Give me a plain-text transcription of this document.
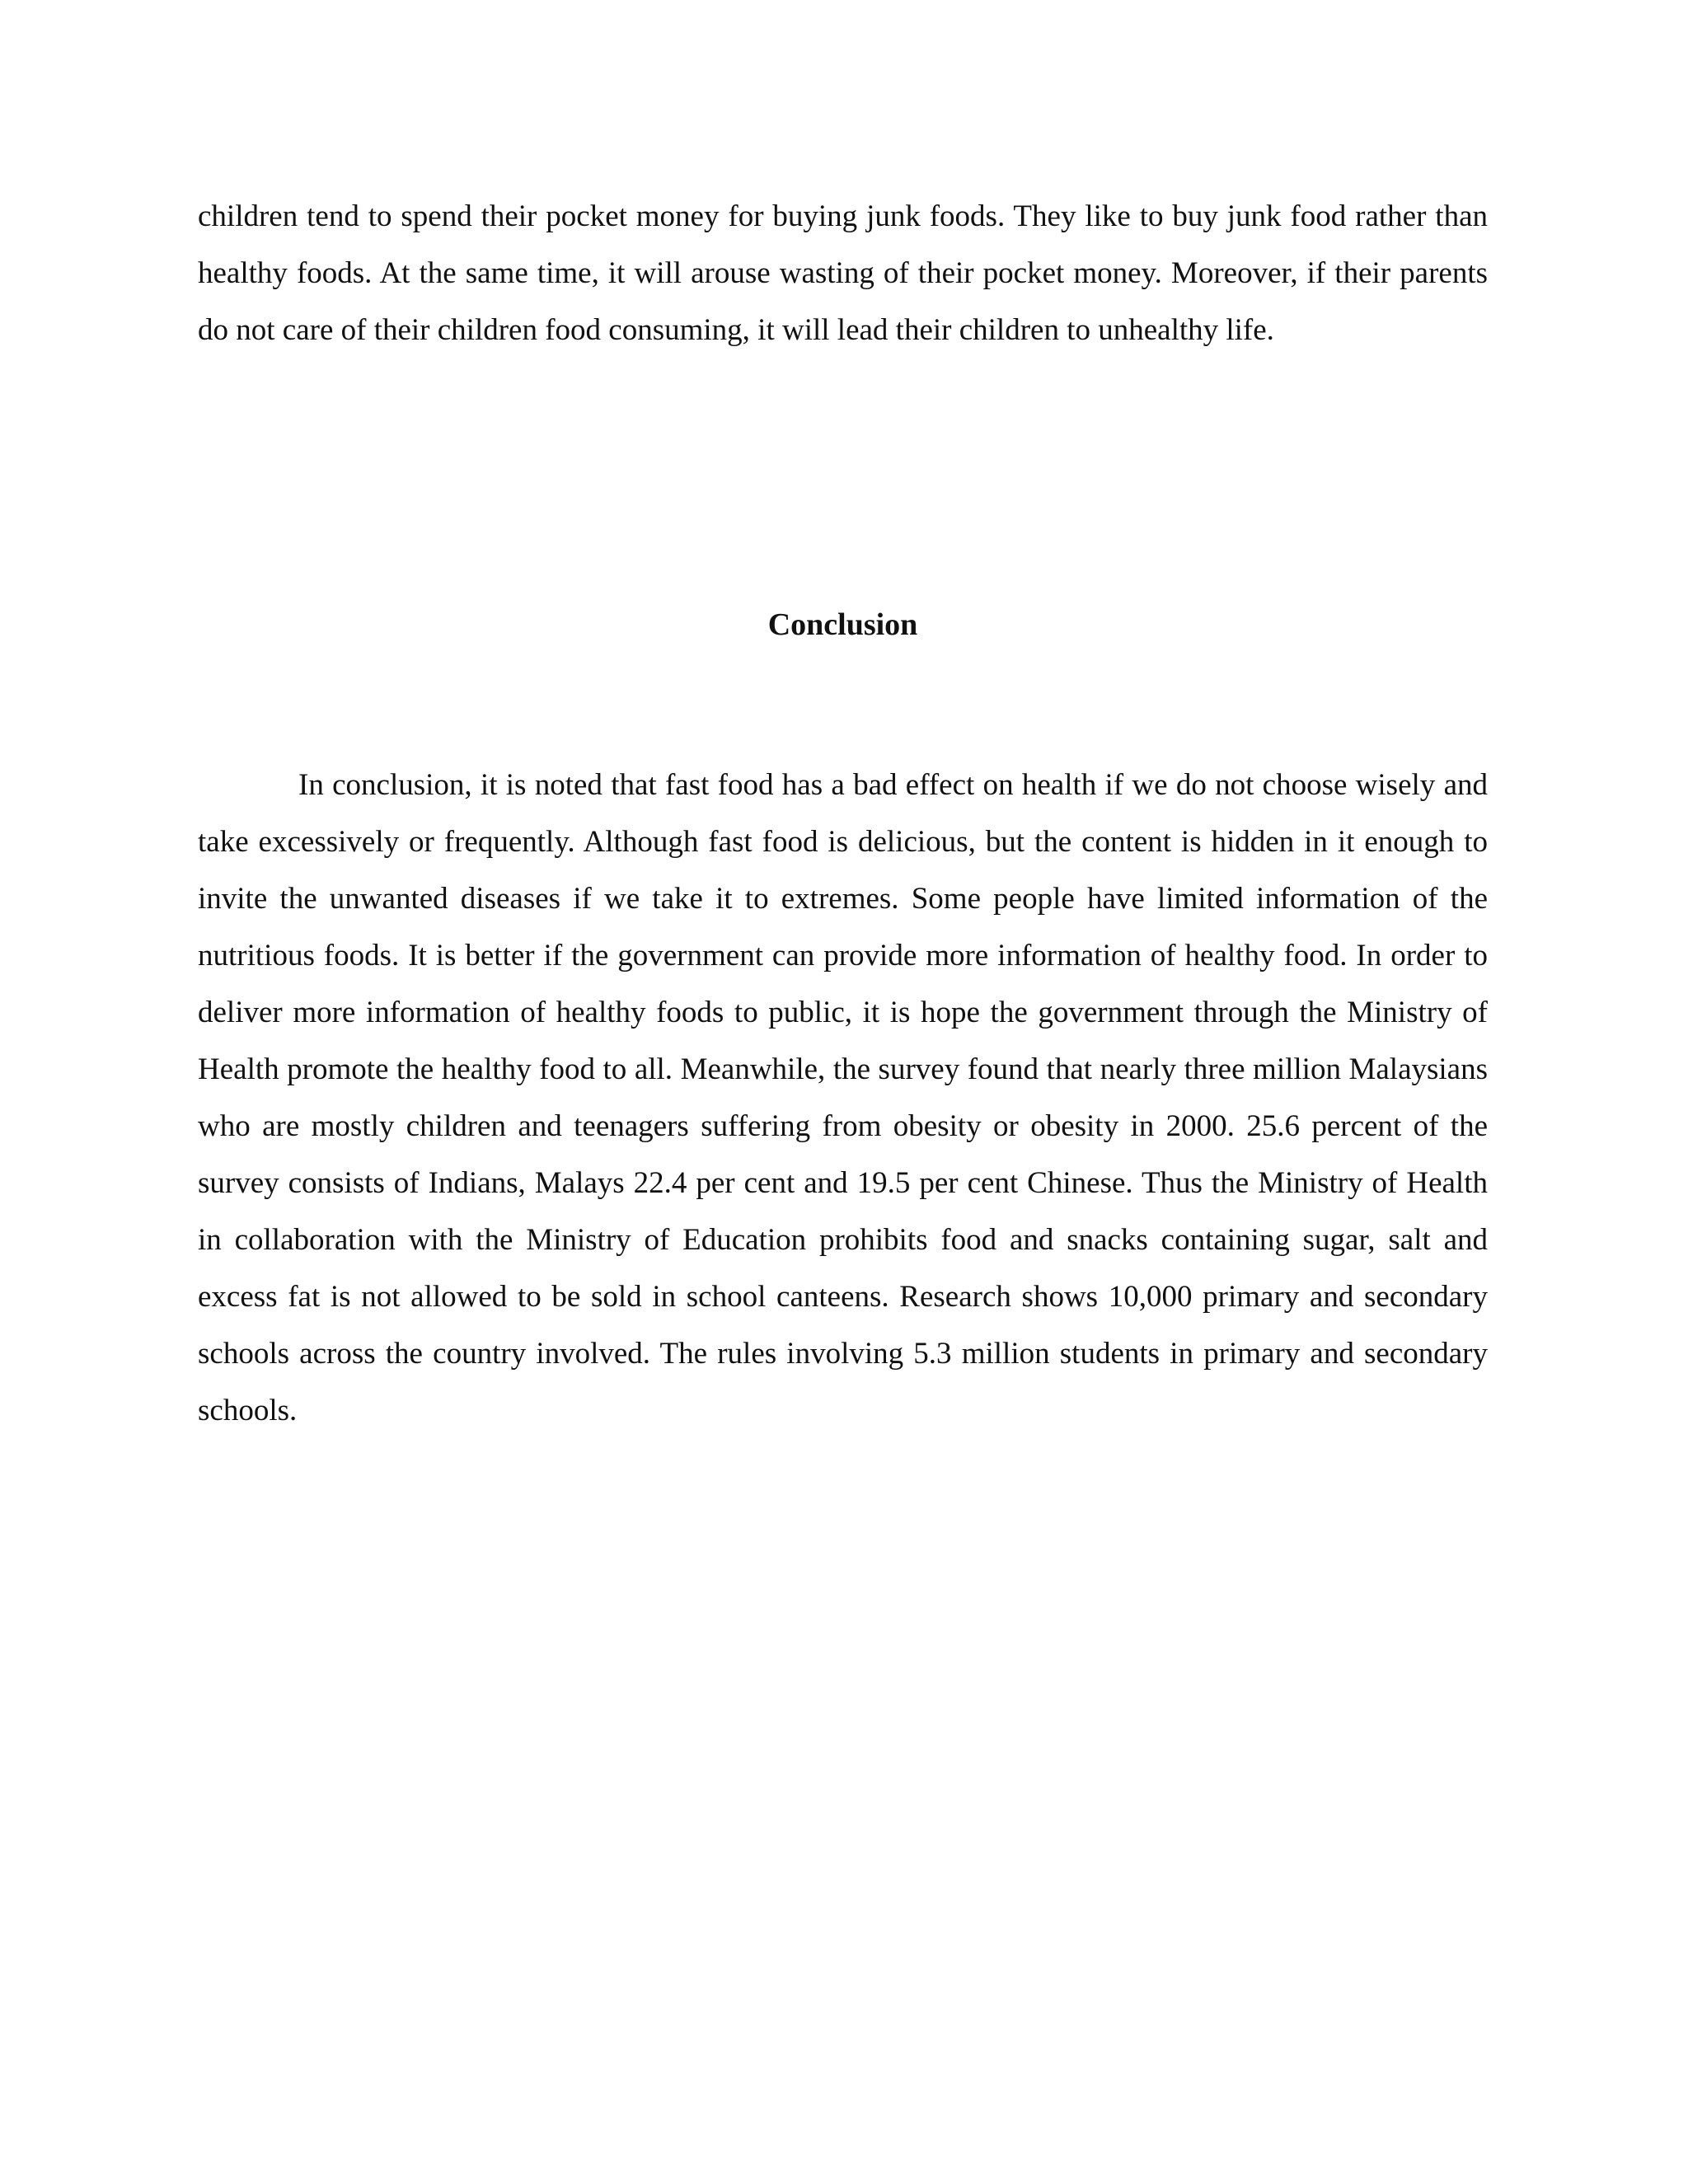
children tend to spend their pocket money for buying junk foods. They like to buy junk food rather than healthy foods. At the same time, it will arouse wasting of their pocket money. Moreover, if their parents do not care of their children food consuming, it will lead their children to unhealthy life.

Conclusion

In conclusion, it is noted that fast food has a bad effect on health if we do not choose wisely and take excessively or frequently. Although fast food is delicious, but the content is hidden in it enough to invite the unwanted diseases if we take it to extremes. Some people have limited information of the nutritious foods. It is better if the government can provide more information of healthy food. In order to deliver more information of healthy foods to public, it is hope the government through the Ministry of Health promote the healthy food to all. Meanwhile, the survey found that nearly three million Malaysians who are mostly children and teenagers suffering from obesity or obesity in 2000. 25.6 percent of the survey consists of Indians, Malays 22.4 per cent and 19.5 per cent Chinese. Thus the Ministry of Health in collaboration with the Ministry of Education prohibits food and snacks containing sugar, salt and excess fat is not allowed to be sold in school canteens. Research shows 10,000 primary and secondary schools across the country involved. The rules involving 5.3 million students in primary and secondary schools.
